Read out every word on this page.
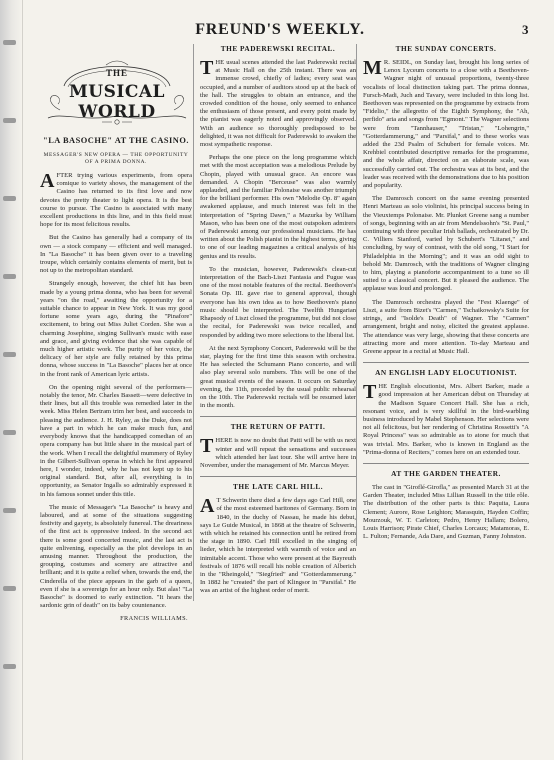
FREUND'S WEEKLY.	3
THE
MUSICAL WORLD
"LA BASOCHE" AT THE CASINO.
MESSAGER'S NEW OPERA — THE OPPORTUNITY OF A PRIMA DONNA.

AFTER trying various experiments, from opera comique to variety shows, the management of the Casino has returned to its first love and now devotes the pretty theater to light opera. It is the best course to pursue. The Casino is associated with many excellent productions in this line, and in this field must hope for its most felicitous results.

But the Casino has generally had a company of its own — a stock company — efficient and well managed. In "La Basoche" it has been given over to a traveling troupe, which certainly contains elements of merit, but is not up to the metropolitan standard.

Strangely enough, however, the chief hit has been made by a young prima donna, who has been for several years "on the road," awaiting the opportunity for a suitable chance to appear in New York. It was my good fortune some years ago, during the "Pinafore" excitement, to bring out Miss Juliet Corden. She was a charming Josephine, singing Sullivan's music with ease and grace, and giving evidence that she was capable of much higher artistic work. The purity of her voice, the delicacy of her style are fully retained by this prima donna, whose success in "La Basoche" places her at once in the front rank of American lyric artists.

On the opening night several of the performers—notably the tenor, Mr. Charles Bassett—were defective in their lines, but all this trouble was remedied later in the week. Miss Helen Bertram trim her best, and succeeds in pleasing the audience. J. H. Ryley, as the Duke, does not have a part in which he can make much fun, and everybody knows that the handicapped comedian of an opera company has but little share in the musical part of the work. When I recall the delightful mummery of Ryley in the Gilbert-Sullivan operas in which he first appeared here, I wonder, indeed, why he has not kept up to his original standard. But, after all, everything is in opportunity, as Senator Ingalls so admirably expressed it in his famous sonnet under this title.

The music of Messager's "La Basoche" is heavy and laboured, and at some of the situations suggesting festivity and gayety, is absolutely funereal. The dreariness of the first act is oppressive indeed. In the second act there is some good concerted music, and the last act is quite enlivening, especially as the plot develops in an amusing manner. Throughout the production, the grouping, costumes and scenery are attractive and brilliant; and it is quite a relief when, towards the end, the Cinderella of the piece appears in the garb of a queen, even if she is a sovereign for an hour only. But alas! "La Basoche" is doomed to early extinction. "It hears the sardonic grin of death" on its baby countenance.

FRANCIS WILLIAMS.
THE PADEREWSKI RECITAL.

THE usual scenes attended the last Paderewski recital at Music Hall on the 25th instant. There was an immense crowd, chiefly of ladies; every seat was occupied, and a number of auditors stood up at the back of the hall. The struggles to obtain an entrance, and the crowded condition of the house, only seemed to enhance the enthusiasm of those present, and every point made by the pianist was eagerly noted and approvingly observed. With an audience so thoroughly predisposed to be delighted, it was not difficult for Paderewski to awaken the most sympathetic response.

Perhaps the one piece on the long programme which met with the most acceptation was a melodious Prelude by Chopin, played with unusual grace. An encore was demanded. A Chopin "Berceuse" was also warmly applauded, and the familiar Polonaise was another triumph for the brilliant performer. His own "Melodie Op. 8" again awakened applause, and much interest was felt in the interpretation of "Spring Dawn," a Mazurka by William Mason, who has been one of the most outspoken admirers of Paderewski among our professional musicians. He has written about the Polish pianist in the highest terms, giving to one of our leading magazines a critical analysis of his genius and its results.

To the musician, however, Paderewski's clean-cut interpretation of the Bach-Liszt Fantasia and Fugue was one of the most notable features of the recital. Beethoven's Sonata Op. III. gave rise to general approval, though everyone has his own idea as to how Beethoven's piano music should be interpreted. The Twelfth Hungarian Rhapsody of Liszt closed the programme, but did not close the recital, for Paderewski was twice recalled, and responded by adding two more selections to the liberal list.

At the next Symphony Concert, Paderewski will be the star, playing for the first time this season with orchestra. He has selected the Schumann Piano concerto, and will also play several solo numbers. This will be one of the great musical events of the season. It occurs on Saturday evening, the 11th, preceded by the usual public rehearsal on the 10th. The Paderewski recitals will be resumed later in the month.

THE RETURN OF PATTI.

THERE is now no doubt that Patti will be with us next winter and will repeat the sensations and successes which attended her last tour. She will arrive here in November, under the management of Mr. Marcus Meyer.

THE LATE CARL HILL.

A T Schwerin there died a few days ago Carl Hill, one of the most esteemed baritones of Germany. Born in 1840, in the duchy of Nassau, he made his debut, says Le Guide Musical, in 1868 at the theatre of Schwerin, with which he retained his connection until he retired from the stage in 1890. Carl Hill excelled in the singing of lieder, which he interpreted with warmth of voice and an inimitable accent. Those who were present at the Bayreuth festivals of 1876 will recall his noble creation of Alberich in the "Rheingold," "Siegfried" and "Gotterdammerung." In 1882 he "created" the part of Klingsor in "Parsifal." He was an artist of the highest order of merit.

THE SUNDAY CONCERTS.

M R. SEIDL, on Sunday last, brought his long series of Lenox Lyceum concerts to a close with a Beethoven-Wagner night of unusual proportions, twenty-three vocalists of local distinction taking part. The prima donnas, Fursch-Madi, Juch and Tavary, were included in this long list. Beethoven was represented on the programme by extracts from "Fidelio," the allegretto of the Eighth Symphony, the "Ah, perfido" aria and songs from "Egmont." The Wagner selections were from "Tannhauser," "Tristan," "Lohengrin," "Gotterdammerung," and "Parsifal," and to these works was added the 23d Psalm of Schubert for female voices. Mr. Krehbiel contributed descriptive remarks for the programme, and the whole affair, directed on an elaborate scale, was successfully carried out. The orchestra was at its best, and the leader was received with the demonstrations due to his position and popularity.

The Damrosch concert on the same evening presented Henri Marteau as solo violinist, his principal success being in the Vieuxtemps Polonaise. Mr. Plunket Greene sang a number of songs, beginning with an air from Mendelssohn's "St. Paul," continuing with three peculiar Irish ballads, orchestrated by Dr. C. Villiers Stanford, varied by Schubert's "Litanei," and concluding, by way of contrast, with the old song, "I Start for Philadelphia in the Morning"; and it was an odd sight to behold Mr. Damrosch, with the traditions of Wagner clinging to him, playing a pianoforte accompaniment to a tune so ill suited to a classical concert. But it pleased the audience. The applause was loud and prolonged.

The Damrosch orchestra played the "Fest Klaenge" of Liszt, a suite from Bizet's "Carmen," Tschaikowsky's Suite for strings, and "Isolde's Death" of Wagner. The "Carmen" arrangement, bright and noisy, elicited the greatest applause. The attendance was very large, showing that these concerts are attracting more and more attention. To-day Marteau and Greene appear in a recital at Music Hall.

AN ENGLISH LADY ELOCUTIONIST.

THE English elocutionist, Mrs. Albert Barker, made a good impression at her American début on Thursday at the Madison Square Concert Hall. She has a rich, resonant voice, and is very skillful in the bird-warbling business introduced by Mabel Stephenson. Her selections were not all felicitous, but her rendering of Christina Rossetti's "A Royal Princess" was so admirable as to atone for much that was trivial. Mrs. Barker, who is known in England as the "Prima-donna of Reciters," comes here on an extended tour.

AT THE GARDEN THEATER.

The cast in "Giroflé-Girofla," as presented March 31 at the Garden Theater, included Miss Lillian Russell in the title rôle. The distribution of the other parts is this: Paquita, Laura Clement; Aurore, Rose Leighton; Marasquin, Hayden Coffin; Mourzouk, W. T. Carleton; Pedro, Henry Hallam; Bolero, Louis Harrison; Pirate Chief, Charles Lorcaux; Matamoras, E. L. Fulton; Fernande, Ada Dare, and Guzman, Fanny Johnston.
